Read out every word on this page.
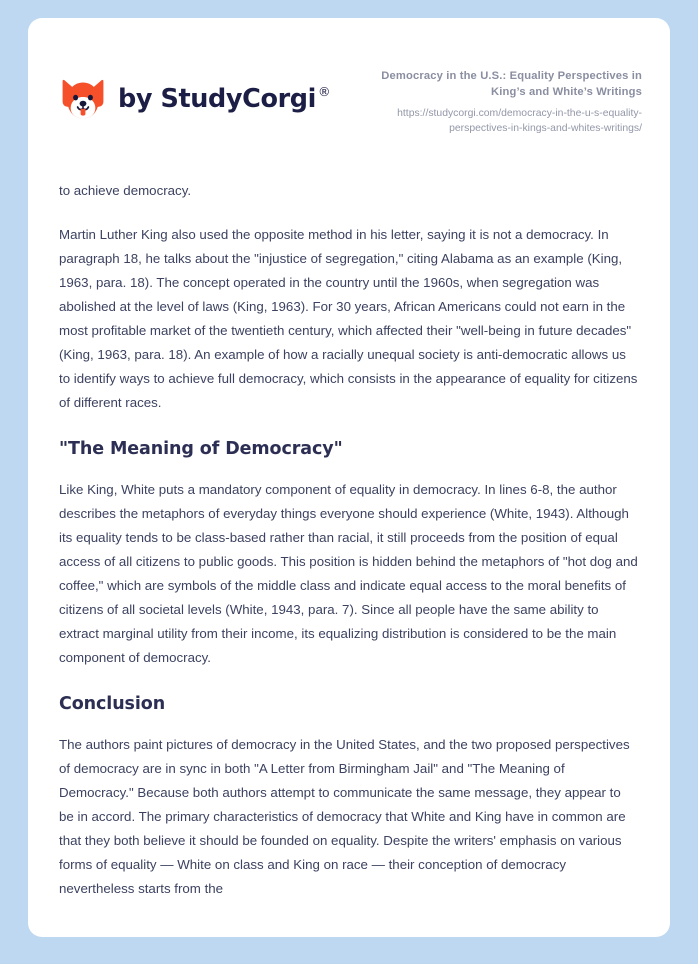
by StudyCorgi ®
Democracy in the U.S.: Equality Perspectives in King’s and White’s Writings
https://studycorgi.com/democracy-in-the-u-s-equality-perspectives-in-kings-and-whites-writings/

to achieve democracy.

Martin Luther King also used the opposite method in his letter, saying it is not a democracy. In paragraph 18, he talks about the "injustice of segregation," citing Alabama as an example (King, 1963, para. 18). The concept operated in the country until the 1960s, when segregation was abolished at the level of laws (King, 1963). For 30 years, African Americans could not earn in the most profitable market of the twentieth century, which affected their "well-being in future decades" (King, 1963, para. 18). An example of how a racially unequal society is anti-democratic allows us to identify ways to achieve full democracy, which consists in the appearance of equality for citizens of different races.

"The Meaning of Democracy"

Like King, White puts a mandatory component of equality in democracy. In lines 6-8, the author describes the metaphors of everyday things everyone should experience (White, 1943). Although its equality tends to be class-based rather than racial, it still proceeds from the position of equal access of all citizens to public goods. This position is hidden behind the metaphors of "hot dog and coffee," which are symbols of the middle class and indicate equal access to the moral benefits of citizens of all societal levels (White, 1943, para. 7). Since all people have the same ability to extract marginal utility from their income, its equalizing distribution is considered to be the main component of democracy.

Conclusion

The authors paint pictures of democracy in the United States, and the two proposed perspectives of democracy are in sync in both "A Letter from Birmingham Jail" and "The Meaning of Democracy." Because both authors attempt to communicate the same message, they appear to be in accord. The primary characteristics of democracy that White and King have in common are that they both believe it should be founded on equality. Despite the writers' emphasis on various forms of equality — White on class and King on race — their conception of democracy nevertheless starts from the
